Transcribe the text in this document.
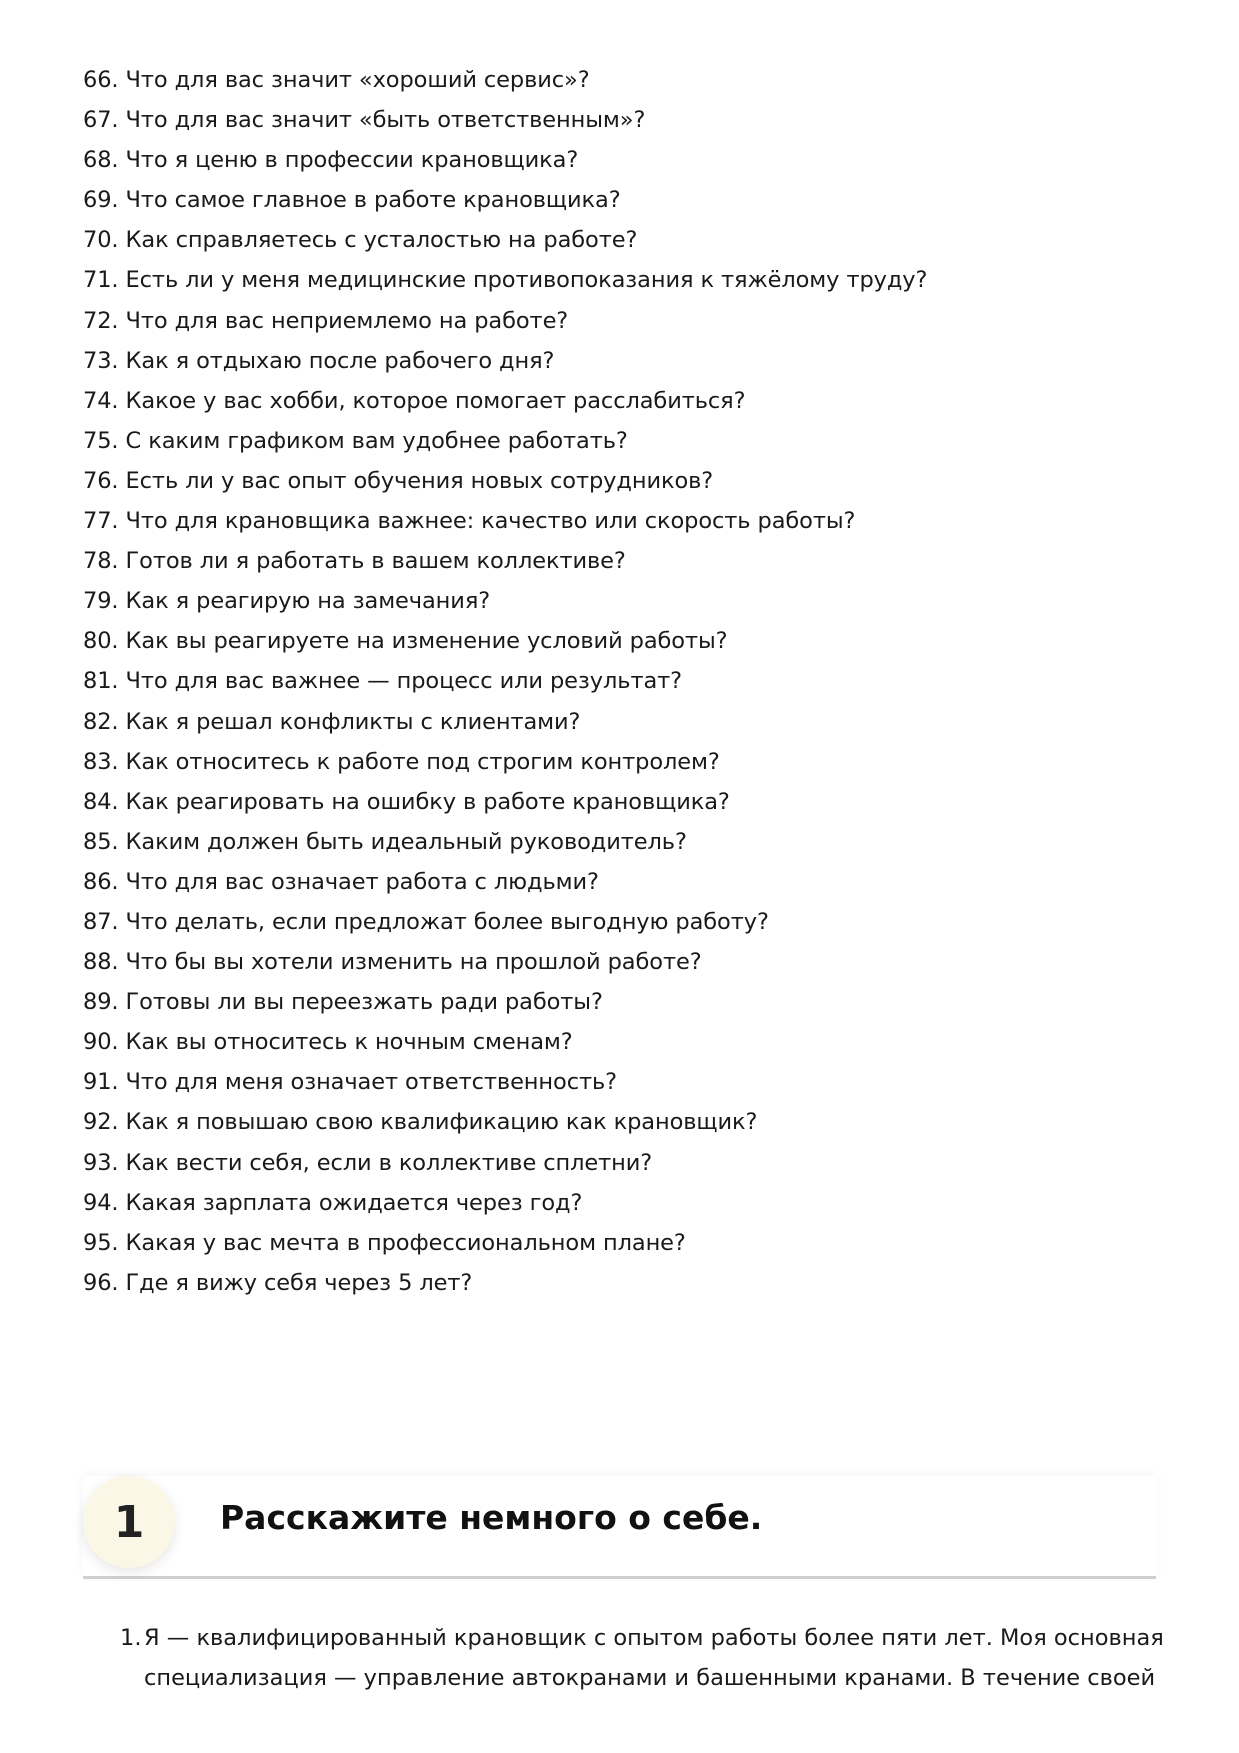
66. Что для вас значит «хороший сервис»?
67. Что для вас значит «быть ответственным»?
68. Что я ценю в профессии крановщика?
69. Что самое главное в работе крановщика?
70. Как справляетесь с усталостью на работе?
71. Есть ли у меня медицинские противопоказания к тяжёлому труду?
72. Что для вас неприемлемо на работе?
73. Как я отдыхаю после рабочего дня?
74. Какое у вас хобби, которое помогает расслабиться?
75. С каким графиком вам удобнее работать?
76. Есть ли у вас опыт обучения новых сотрудников?
77. Что для крановщика важнее: качество или скорость работы?
78. Готов ли я работать в вашем коллективе?
79. Как я реагирую на замечания?
80. Как вы реагируете на изменение условий работы?
81. Что для вас важнее — процесс или результат?
82. Как я решал конфликты с клиентами?
83. Как относитесь к работе под строгим контролем?
84. Как реагировать на ошибку в работе крановщика?
85. Каким должен быть идеальный руководитель?
86. Что для вас означает работа с людьми?
87. Что делать, если предложат более выгодную работу?
88. Что бы вы хотели изменить на прошлой работе?
89. Готовы ли вы переезжать ради работы?
90. Как вы относитесь к ночным сменам?
91. Что для меня означает ответственность?
92. Как я повышаю свою квалификацию как крановщик?
93. Как вести себя, если в коллективе сплетни?
94. Какая зарплата ожидается через год?
95. Какая у вас мечта в профессиональном плане?
96. Где я вижу себя через 5 лет?
1	Расскажите немного о себе.
1. Я — квалифицированный крановщик с опытом работы более пяти лет. Моя основная
специализация — управление автокранами и башенными кранами. В течение своей
